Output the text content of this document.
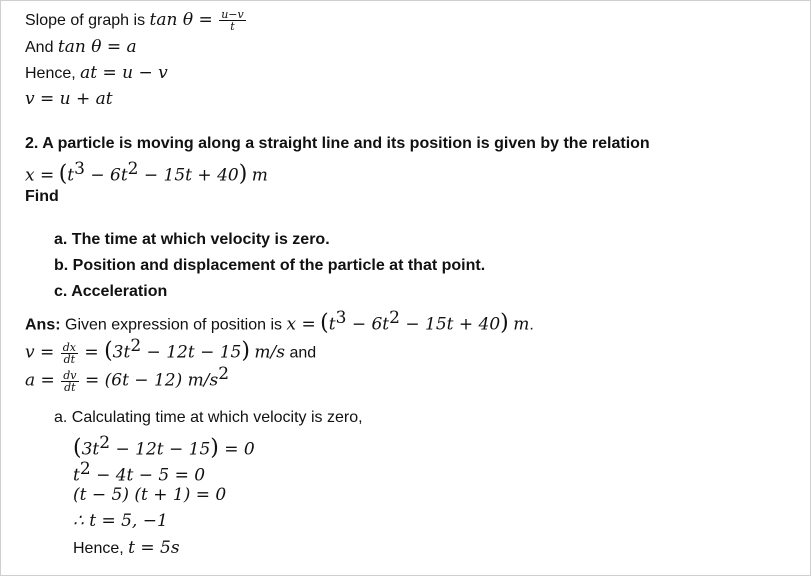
Slope of graph is $\tan \theta = \frac{u-v}{t}$
And tan θ = a
Hence, at = u − v
v = u + at
2. A particle is moving along a straight line and its position is given by the relation
$x = (t^3 - 6t^2 - 15t + 40)$ m
Find
a. The time at which velocity is zero.
b. Position and displacement of the particle at that point.
c. Acceleration
Ans: Given expression of position is $x = (t^3 - 6t^2 - 15t + 40)$ m.
$v = \frac{dx}{dt} = (3t^2 - 12t - 15)$ m/s and
$a = \frac{dv}{dt} = (6t - 12)$ $m/s^2$
a. Calculating time at which velocity is zero,
$(3t^2 - 12t - 15) = 0$
$t^2 - 4t - 5 = 0$
(t − 5) (t + 1) = 0
∴ t = 5, −1
Hence, t = 5s
